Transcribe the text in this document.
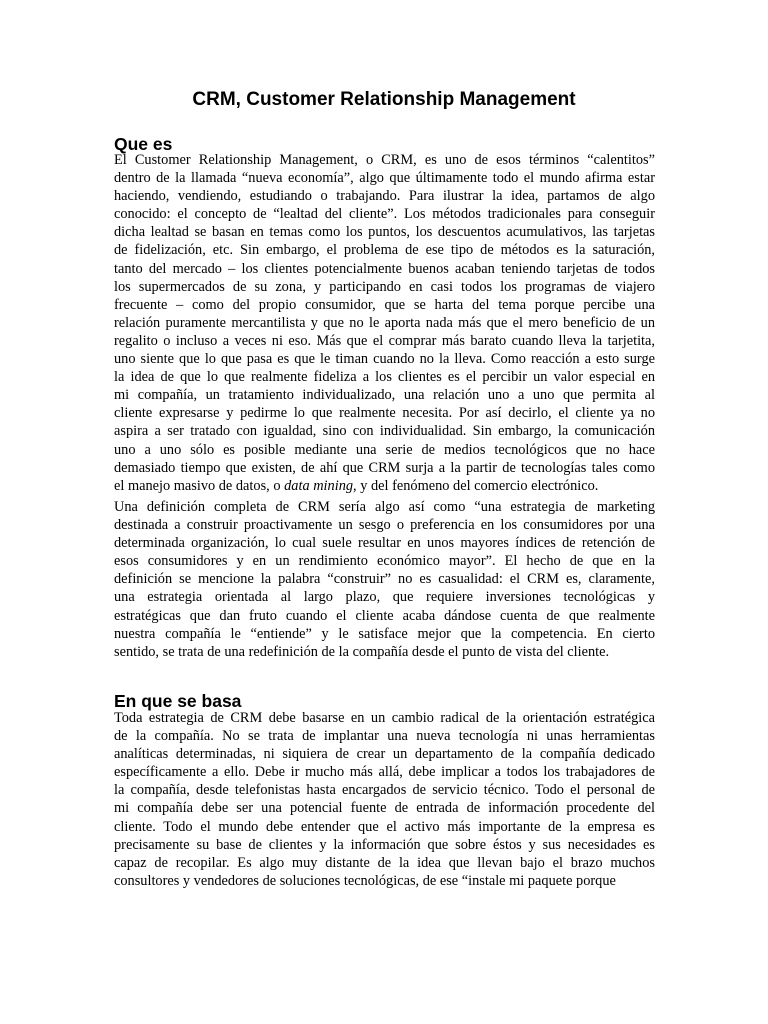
CRM, Customer Relationship Management
Que es
El Customer Relationship Management, o CRM, es uno de esos términos “calentitos”
dentro de la llamada “nueva economía”, algo que últimamente todo el mundo afirma estar
haciendo, vendiendo, estudiando o trabajando. Para ilustrar la idea, partamos de algo
conocido: el concepto de “lealtad del cliente”. Los métodos tradicionales para conseguir
dicha lealtad se basan en temas como los puntos, los descuentos acumulativos, las tarjetas
de fidelización, etc. Sin embargo, el problema de ese tipo de métodos es la saturación,
tanto del mercado – los clientes potencialmente buenos acaban teniendo tarjetas de todos
los supermercados de su zona, y participando en casi todos los programas de viajero
frecuente – como del propio consumidor, que se harta del tema porque percibe una
relación puramente mercantilista y que no le aporta nada más que el mero beneficio de un
regalito o incluso a veces ni eso. Más que el comprar más barato cuando lleva la tarjetita,
uno siente que lo que pasa es que le timan cuando no la lleva. Como reacción a esto surge
la idea de que lo que realmente fideliza a los clientes es el percibir un valor especial en
mi compañía, un tratamiento individualizado, una relación uno a uno que permita al
cliente expresarse y pedirme lo que realmente necesita. Por así decirlo, el cliente ya no
aspira a ser tratado con igualdad, sino con individualidad. Sin embargo, la comunicación
uno a uno sólo es posible mediante una serie de medios tecnológicos que no hace
demasiado tiempo que existen, de ahí que CRM surja a la partir de tecnologías tales como
el manejo masivo de datos, o data mining, y del fenómeno del comercio electrónico.
Una definición completa de CRM sería algo así como “una estrategia de marketing
destinada a construir proactivamente un sesgo o preferencia en los consumidores por una
determinada organización, lo cual suele resultar en unos mayores índices de retención de
esos consumidores y en un rendimiento económico mayor”. El hecho de que en la
definición se mencione la palabra “construir” no es casualidad: el CRM es, claramente,
una estrategia orientada al largo plazo, que requiere inversiones tecnológicas y
estratégicas que dan fruto cuando el cliente acaba dándose cuenta de que realmente
nuestra compañía le “entiende” y le satisface mejor que la competencia. En cierto
sentido, se trata de una redefinición de la compañía desde el punto de vista del cliente.
En que se basa
Toda estrategia de CRM debe basarse en un cambio radical de la orientación estratégica
de la compañía. No se trata de implantar una nueva tecnología ni unas herramientas
analíticas determinadas, ni siquiera de crear un departamento de la compañía dedicado
específicamente a ello. Debe ir mucho más allá, debe implicar a todos los trabajadores de
la compañía, desde telefonistas hasta encargados de servicio técnico. Todo el personal de
mi compañía debe ser una potencial fuente de entrada de información procedente del
cliente. Todo el mundo debe entender que el activo más importante de la empresa es
precisamente su base de clientes y la información que sobre éstos y sus necesidades es
capaz de recopilar. Es algo muy distante de la idea que llevan bajo el brazo muchos
consultores y vendedores de soluciones tecnológicas, de ese “instale mi paquete porque
